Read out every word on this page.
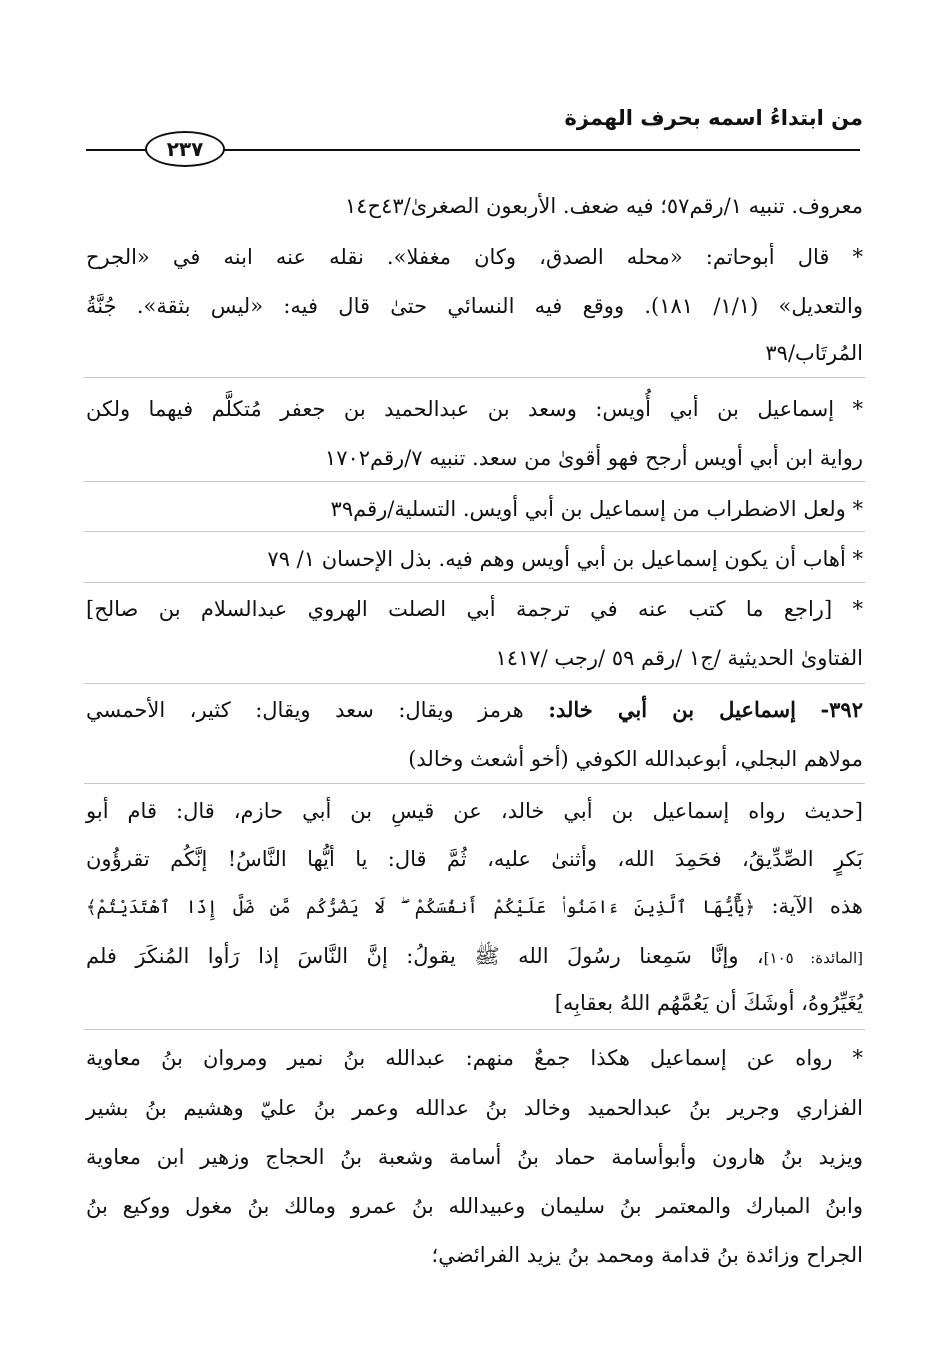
من ابتداءُ اسمه بحرف الهمزة
٢٣٧
معروف. تنبيه ١/رقم٥٧؛ فيه ضعف. الأربعون الصغرىٰ/٤٣ح١٤
* قال أبوحاتم: «محله الصدق، وكان مغفلا». نقله عنه ابنه في «الجرح
والتعديل» (١/١/ ١٨١). ووقع فيه النسائي حتىٰ قال فيه: «ليس بثقة». جُنَّةُ
المُرتَاب/٣٩
* إسماعيل بن أبي أُويس: وسعد بن عبدالحميد بن جعفر مُتكلَّم فيهما ولكن
رواية ابن أبي أويس أرجح فهو أقوىٰ من سعد. تنبيه ٧/رقم١٧٠٢
* ولعل الاضطراب من إسماعيل بن أبي أويس. التسلية/رقم٣٩
* أهاب أن يكون إسماعيل بن أبي أويس وهم فيه. بذل الإحسان ١/ ٧٩
* [راجع ما كتب عنه في ترجمة أبي الصلت الهروي عبدالسلام بن صالح]
الفتاوىٰ الحديثية /ج١ /رقم ٥٩ /رجب /١٤١٧
٣٩٢- إسماعيل بن أبي خالد: هرمز ويقال: سعد ويقال: كثير، الأحمسي
مولاهم البجلي، أبوعبدالله الكوفي (أخو أشعث وخالد)
[حديث رواه إسماعيل بن أبي خالد، عن قيسِ بن أبي حازم، قال: قام أبو
بَكرٍ الصِّدِّيقُ، فحَمِدَ الله، وأثنىٰ عليه، ثُمَّ قال: يا أيُّها النَّاسُ! إنَّكُم تقرؤُون
هذه الآية: ﴿يَٰٓأَيُّهَا ٱلَّذِينَ ءَامَنُوا۟ عَلَيْكُمْ أَنفُسَكُمْ ۖ لَا يَضُرُّكُم مَّن ضَلَّ إِذَا ٱهْتَدَيْتُمْ﴾
[المائدة: ١٠٥]، وإنَّا سَمِعنا رسُولَ الله ﷺ يقولُ: إنَّ النَّاسَ إذا رَأوا المُنكَرَ فلم
يُغَيِّرُوهُ، أوشَكَ أن يَعُمَّهُم اللهُ بعقابِه]
* رواه عن إسماعيل هكذا جمعٌ منهم: عبدالله بنُ نمير ومروان بنُ معاوية
الفزاري وجرير بنُ عبدالحميد وخالد بنُ عدالله وعمر بنُ عليّ وهشيم بنُ بشير
ويزيد بنُ هارون وأبوأسامة حماد بنُ أسامة وشعبة بنُ الحجاج وزهير ابن معاوية
وابنُ المبارك والمعتمر بنُ سليمان وعبيدالله بنُ عمرو ومالك بنُ مغول ووكيع بنُ
الجراح وزائدة بنُ قدامة ومحمد بنُ يزيد الفرائضي؛
